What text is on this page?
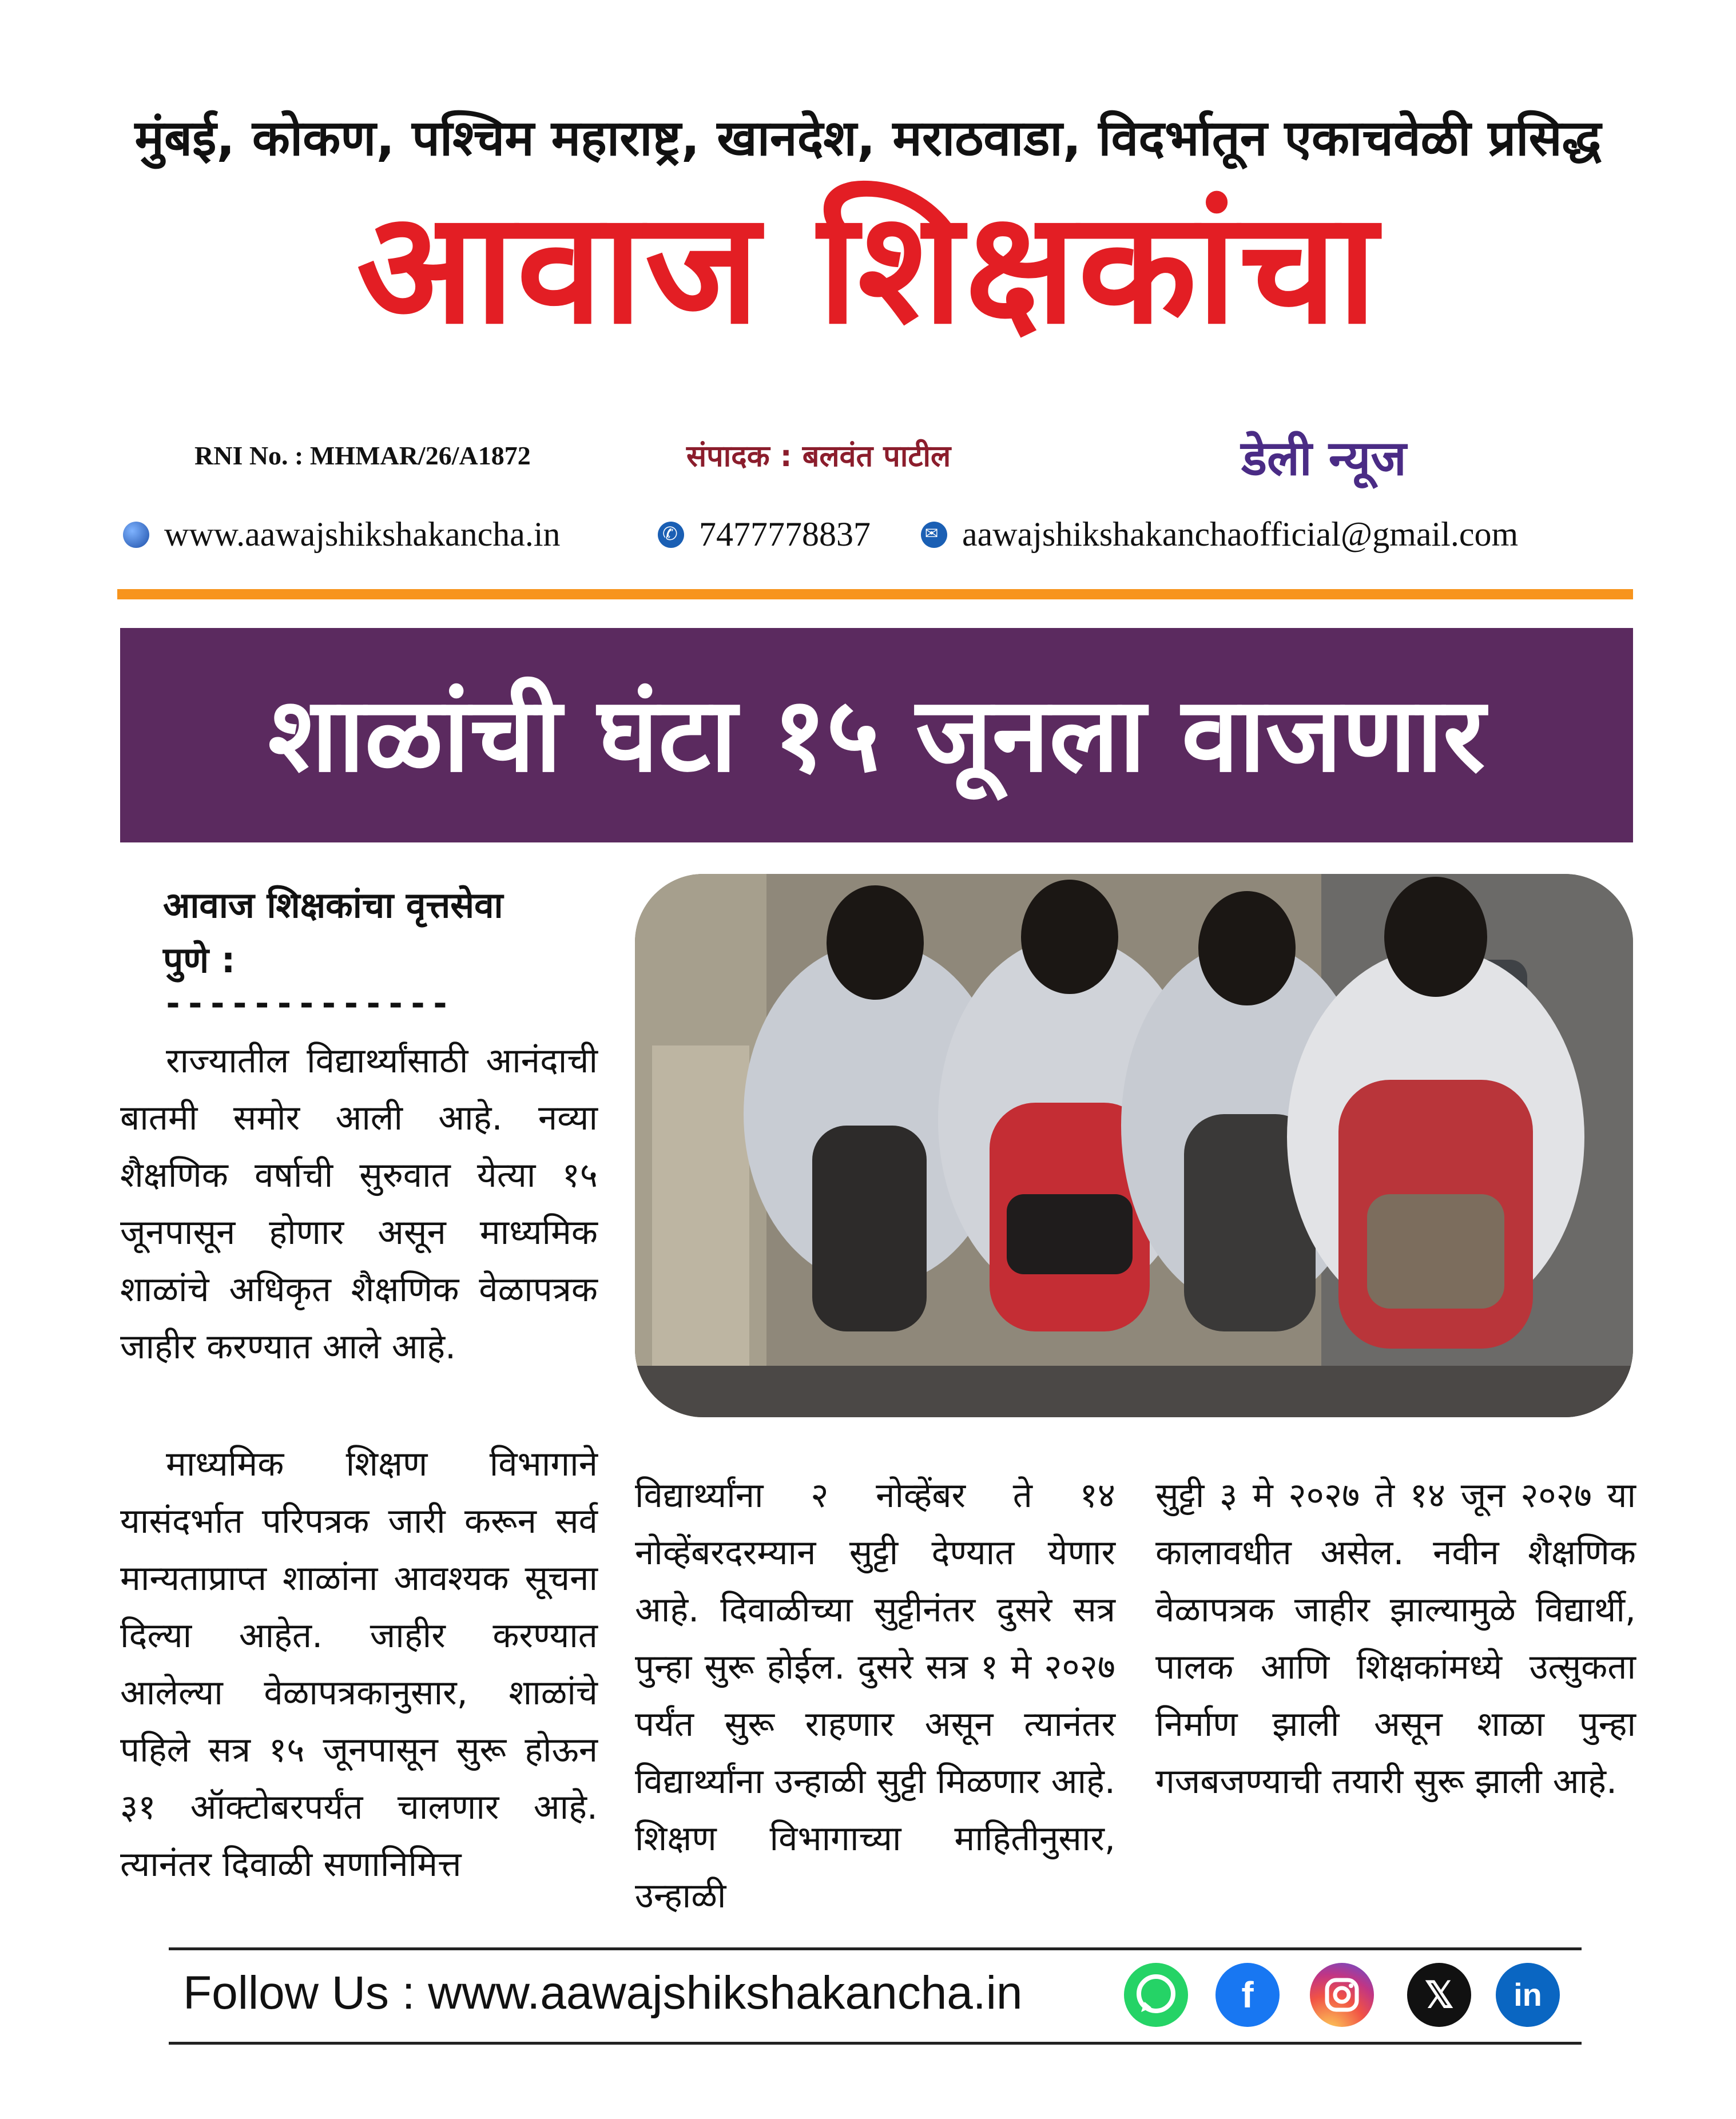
मुंबई, कोकण, पश्चिम महाराष्ट्र, खानदेश, मराठवाडा, विदर्भातून एकाचवेळी प्रसिद्ध
आवाज शिक्षकांचा
RNI No. : MHMAR/26/A1872	संपादक : बलवंत पाटील	डेली न्यूज
www.aawajshikshakancha.in ✆	7477778837 ✉	aawajshikshakanchaofficial@gmail.com
शाळांची घंटा १५ जूनला वाजणार
आवाज शिक्षकांचा वृत्तसेवा
पुणे :
-------------

राज्यातील विद्यार्थ्यांसाठी आनंदाची बातमी समोर आली आहे. नव्या शैक्षणिक वर्षाची सुरुवात येत्या १५ जूनपासून होणार असून माध्यमिक शाळांचे अधिकृत शैक्षणिक वेळापत्रक जाहीर करण्यात आले आहे.

माध्यमिक शिक्षण विभागाने यासंदर्भात परिपत्रक जारी करून सर्व मान्यताप्राप्त शाळांना आवश्यक सूचना दिल्या आहेत. जाहीर करण्यात आलेल्या वेळापत्रकानुसार, शाळांचे पहिले सत्र १५ जूनपासून सुरू होऊन ३१ ऑक्टोबरपर्यंत चालणार आहे. त्यानंतर दिवाळी सणानिमित्त

विद्यार्थ्यांना २ नोव्हेंबर ते १४ नोव्हेंबरदरम्यान सुट्टी देण्यात येणार आहे. दिवाळीच्या सुट्टीनंतर दुसरे सत्र पुन्हा सुरू होईल. दुसरे सत्र १ मे २०२७ पर्यंत सुरू राहणार असून त्यानंतर विद्यार्थ्यांना उन्हाळी सुट्टी मिळणार आहे. शिक्षण विभागाच्या माहितीनुसार, उन्हाळी

सुट्टी ३ मे २०२७ ते १४ जून २०२७ या कालावधीत असेल. नवीन शैक्षणिक वेळापत्रक जाहीर झाल्यामुळे विद्यार्थी, पालक आणि शिक्षकांमध्ये उत्सुकता निर्माण झाली असून शाळा पुन्हा गजबजण्याची तयारी सुरू झाली आहे.

Follow Us : www.aawajshikshakancha.in	f	𝕏	in
